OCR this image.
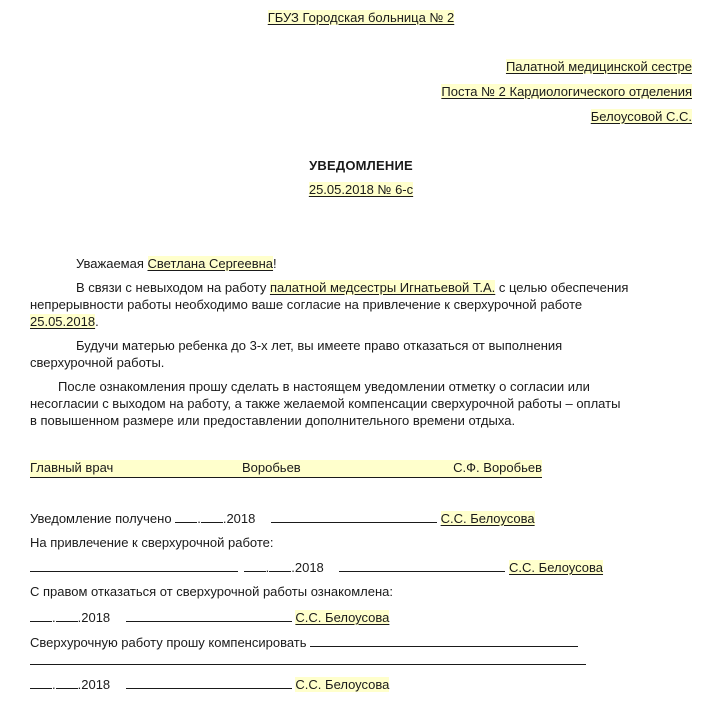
ГБУЗ Городская больница № 2
Палатной медицинской сестре
Поста № 2 Кардиологического отделения
Белоусовой С.С.
УВЕДОМЛЕНИЕ
25.05.2018 № 6-с
Уважаемая Светлана Сергеевна!
В связи с невыходом на работу палатной медсестры Игнатьевой Т.А. с целью обеспечения непрерывности работы необходимо ваше согласие на привлечение к сверхурочной работе 25.05.2018.
Будучи матерью ребенка до 3-х лет, вы имеете право отказаться от выполнения сверхурочной работы.
После ознакомления прошу сделать в настоящем уведомлении отметку о согласии или несогласии с выходом на работу, а также желаемой компенсации сверхурочной работы – оплаты в повышенном размере или предоставлении дополнительного времени отдыха.
Главный врач	Воробьев	С.Ф. Воробьев
Уведомление получено . .2018	С.С. Белоусова
На привлечение к сверхурочной работе:
. .2018	С.С. Белоусова
С правом отказаться от сверхурочной работы ознакомлена:
. .2018	С.С. Белоусова
Сверхурочную работу прошу компенсировать
. .2018	С.С. Белоусова
